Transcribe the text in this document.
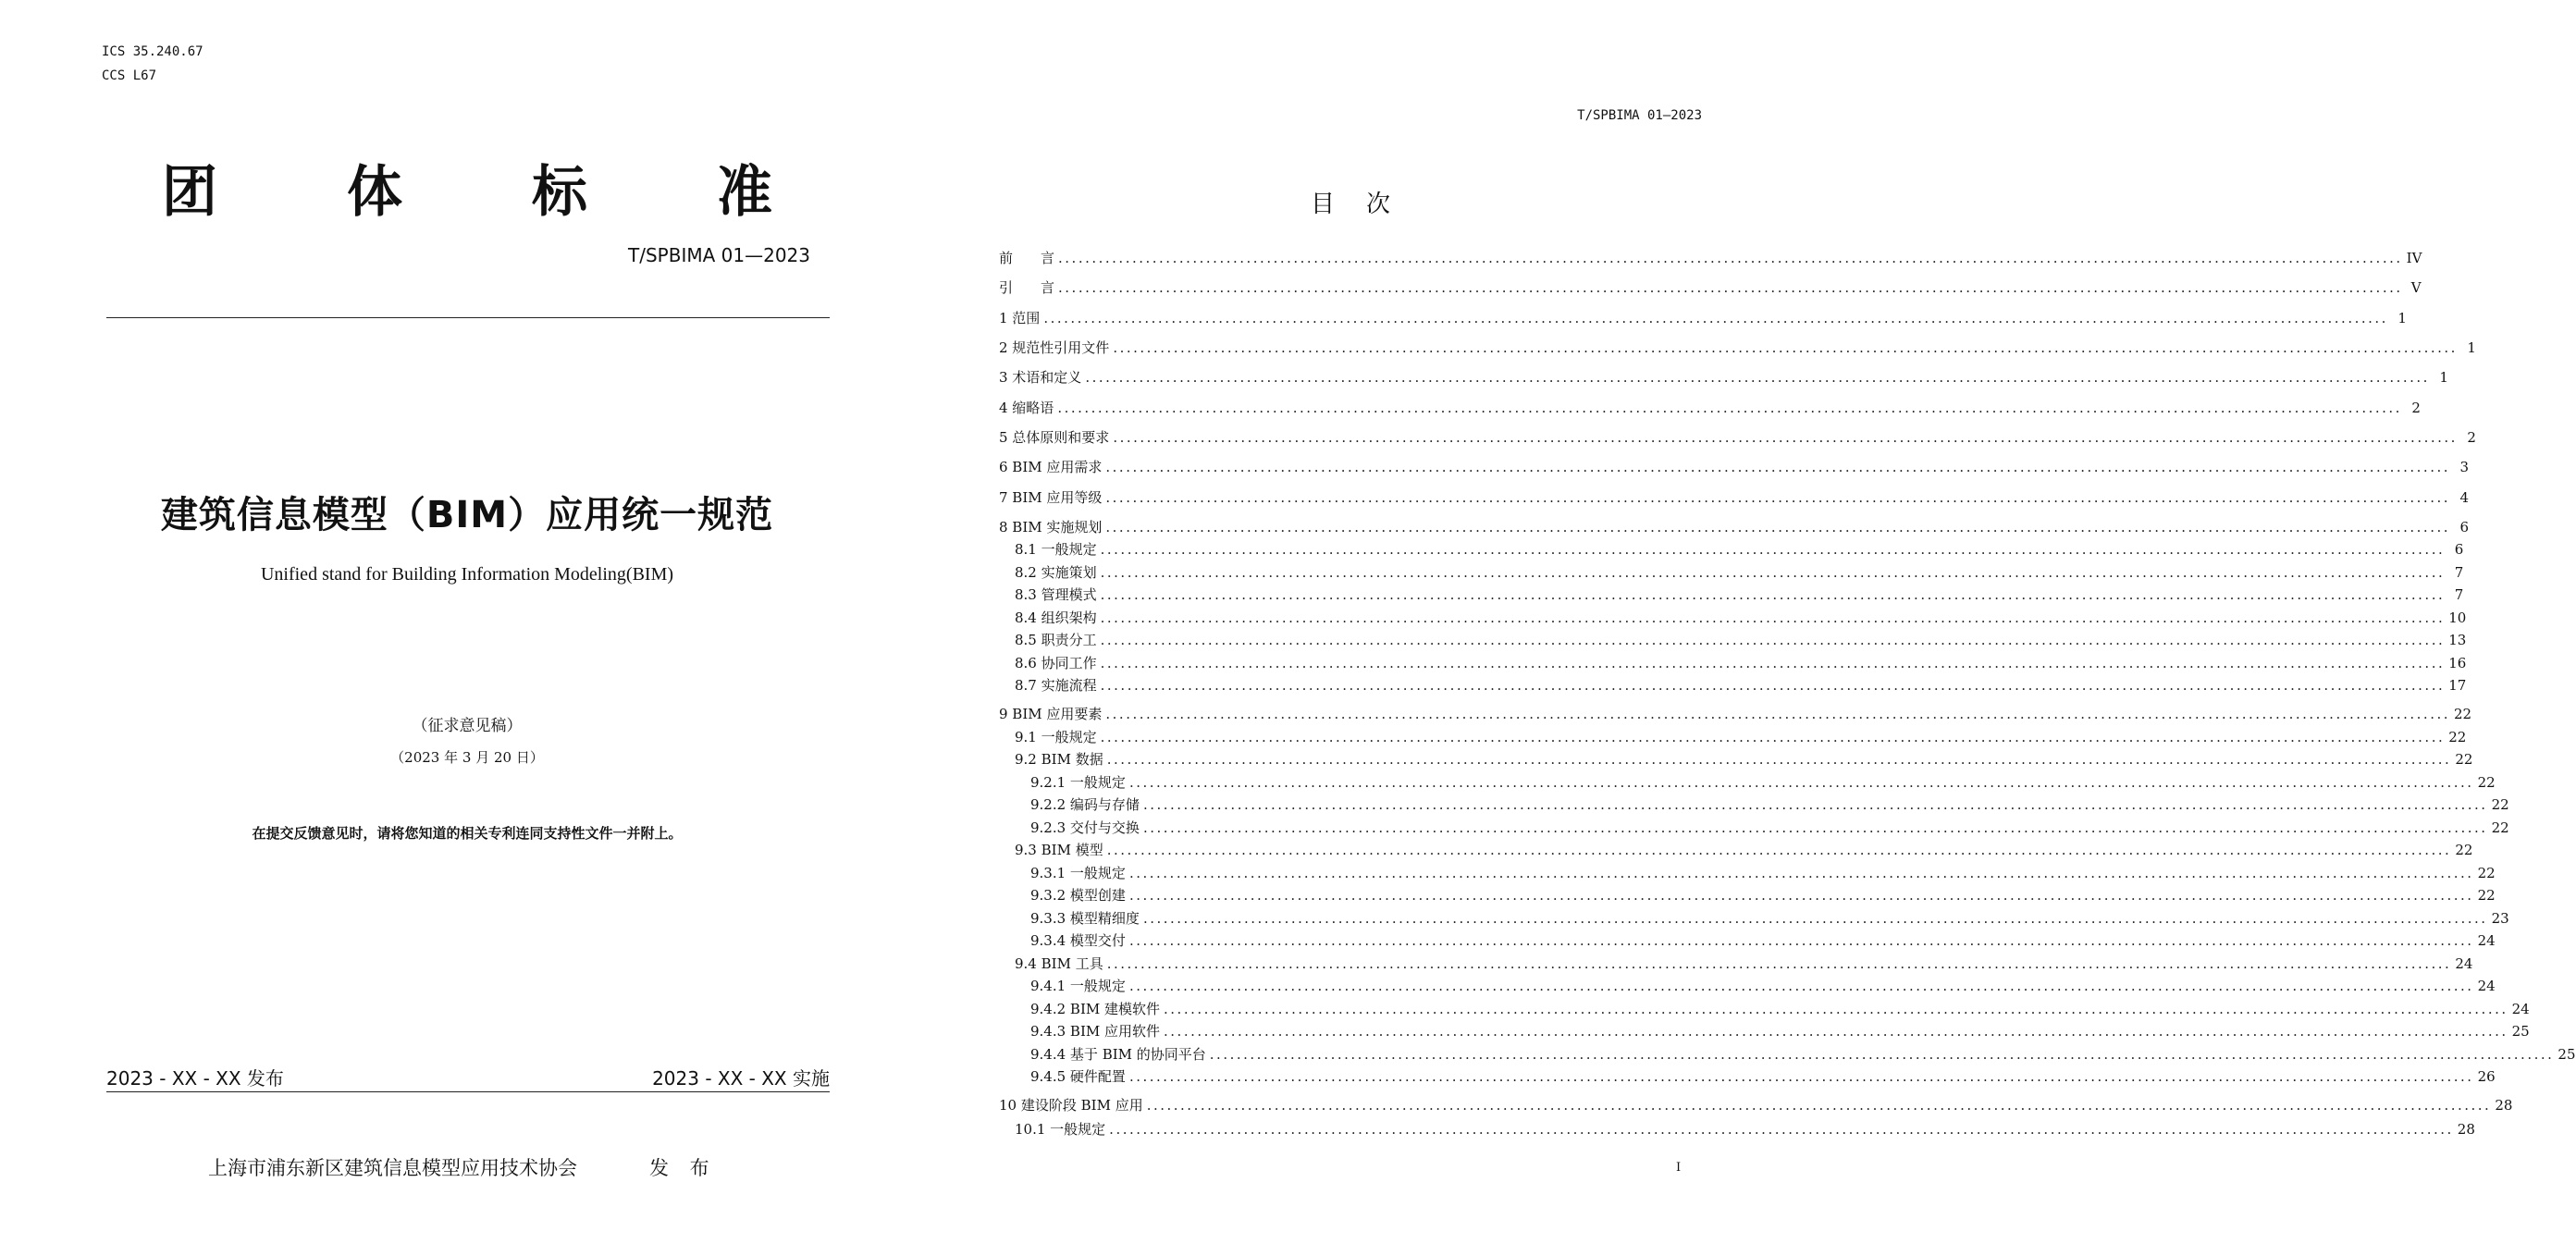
ICS 35.240.67
CCS L67
团 体 标 准
T/SPBIMA 01—2023
建筑信息模型（BIM）应用统一规范
Unified stand for Building Information Modeling(BIM)
（征求意见稿）
（2023 年 3 月 20 日）
在提交反馈意见时，请将您知道的相关专利连同支持性文件一并附上。
2023 - XX - XX 发布	2023 - XX - XX 实施
上海市浦东新区建筑信息模型应用技术协会	发 布
T/SPBIMA 01—2023
目次
前　　言 ........................................................................................................................................................................................................ IV
引　　言 ........................................................................................................................................................................................................ V
1 范围 ........................................................................................................................................................................................................ 1
2 规范性引用文件 ........................................................................................................................................................................................................ 1
3 术语和定义 ........................................................................................................................................................................................................ 1
4 缩略语 ........................................................................................................................................................................................................ 2
5 总体原则和要求 ........................................................................................................................................................................................................ 2
6 BIM 应用需求 ........................................................................................................................................................................................................ 3
7 BIM 应用等级 ........................................................................................................................................................................................................ 4
8 BIM 实施规划 ........................................................................................................................................................................................................ 6
8.1 一般规定 ........................................................................................................................................................................................................ 6
8.2 实施策划 ........................................................................................................................................................................................................ 7
8.3 管理模式 ........................................................................................................................................................................................................ 7
8.4 组织架构 ........................................................................................................................................................................................................ 10
8.5 职责分工 ........................................................................................................................................................................................................ 13
8.6 协同工作 ........................................................................................................................................................................................................ 16
8.7 实施流程 ........................................................................................................................................................................................................ 17
9 BIM 应用要素 ........................................................................................................................................................................................................ 22
9.1 一般规定 ........................................................................................................................................................................................................ 22
9.2 BIM 数据 ........................................................................................................................................................................................................ 22
9.2.1 一般规定 ........................................................................................................................................................................................................ 22
9.2.2 编码与存储 ........................................................................................................................................................................................................ 22
9.2.3 交付与交换 ........................................................................................................................................................................................................ 22
9.3 BIM 模型 ........................................................................................................................................................................................................ 22
9.3.1 一般规定 ........................................................................................................................................................................................................ 22
9.3.2 模型创建 ........................................................................................................................................................................................................ 22
9.3.3 模型精细度 ........................................................................................................................................................................................................ 23
9.3.4 模型交付 ........................................................................................................................................................................................................ 24
9.4 BIM 工具 ........................................................................................................................................................................................................ 24
9.4.1 一般规定 ........................................................................................................................................................................................................ 24
9.4.2 BIM 建模软件 ........................................................................................................................................................................................................ 24
9.4.3 BIM 应用软件 ........................................................................................................................................................................................................ 25
9.4.4 基于 BIM 的协同平台 ........................................................................................................................................................................................................ 25
9.4.5 硬件配置 ........................................................................................................................................................................................................ 26
10 建设阶段 BIM 应用 ........................................................................................................................................................................................................ 28
10.1 一般规定 ........................................................................................................................................................................................................ 28
I
